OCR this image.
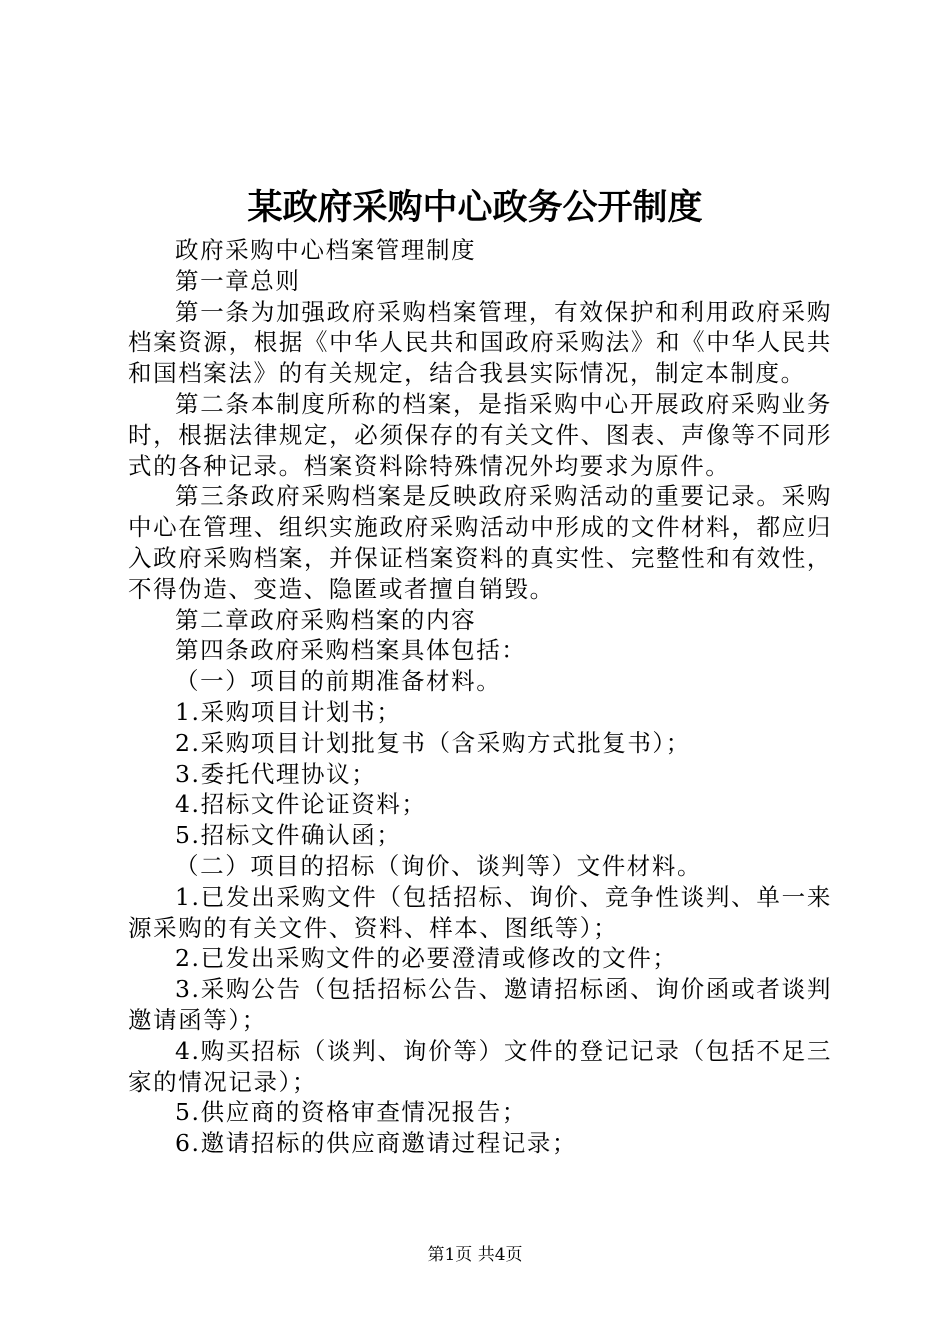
某政府采购中心政务公开制度

政府采购中心档案管理制度

第一章总则

第一条为加强政府采购档案管理，有效保护和利用政府采购档案资源，根据《中华人民共和国政府采购法》和《中华人民共和国档案法》的有关规定，结合我县实际情况，制定本制度。

第二条本制度所称的档案，是指采购中心开展政府采购业务时，根据法律规定，必须保存的有关文件、图表、声像等不同形式的各种记录。档案资料除特殊情况外均要求为原件。

第三条政府采购档案是反映政府采购活动的重要记录。采购中心在管理、组织实施政府采购活动中形成的文件材料，都应归入政府采购档案，并保证档案资料的真实性、完整性和有效性，不得伪造、变造、隐匿或者擅自销毁。

第二章政府采购档案的内容

第四条政府采购档案具体包括：

（一）项目的前期准备材料。

1.采购项目计划书；

2.采购项目计划批复书（含采购方式批复书）；

3.委托代理协议；

4.招标文件论证资料；

5.招标文件确认函；

（二）项目的招标（询价、谈判等）文件材料。

1.已发出采购文件（包括招标、询价、竞争性谈判、单一来源采购的有关文件、资料、样本、图纸等）；

2.已发出采购文件的必要澄清或修改的文件；

3.采购公告（包括招标公告、邀请招标函、询价函或者谈判邀请函等）；

4.购买招标（谈判、询价等）文件的登记记录（包括不足三家的情况记录）；

5.供应商的资格审查情况报告；

6.邀请招标的供应商邀请过程记录；

第1页 共4页
